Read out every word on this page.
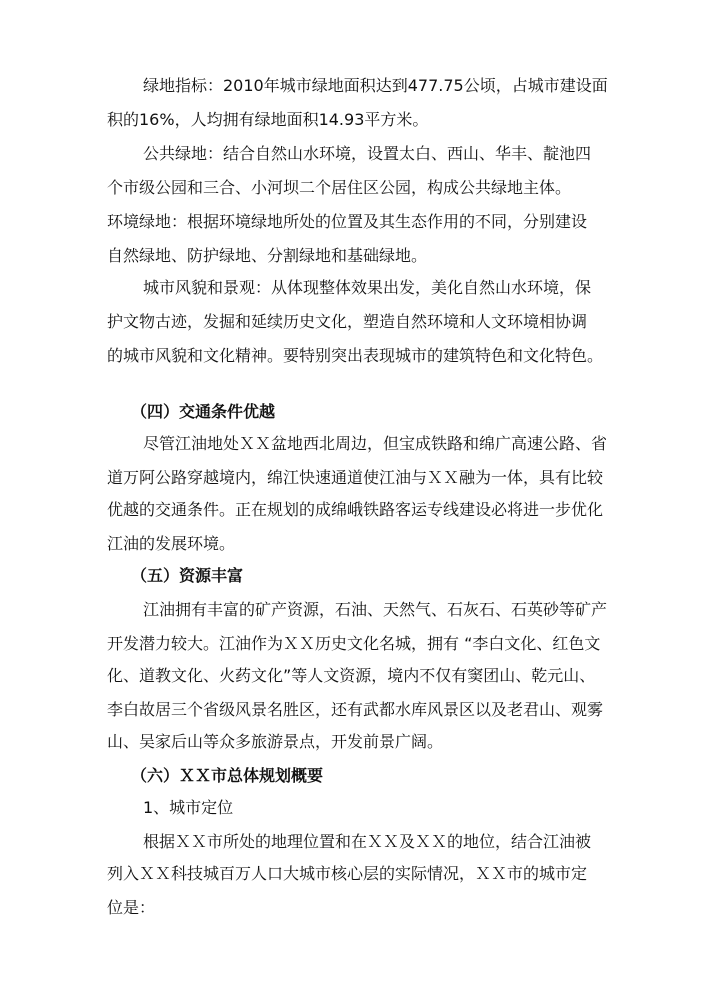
绿地指标：2010年城市绿地面积达到477.75公顷，占城市建设面
积的16%，人均拥有绿地面积14.93平方米。
公共绿地：结合自然山水环境，设置太白、西山、华丰、靛池四
个市级公园和三合、小河坝二个居住区公园，构成公共绿地主体。
环境绿地：根据环境绿地所处的位置及其生态作用的不同，分别建设
自然绿地、防护绿地、分割绿地和基础绿地。
城市风貌和景观：从体现整体效果出发，美化自然山水环境，保
护文物古迹，发掘和延续历史文化，塑造自然环境和人文环境相协调
的城市风貌和文化精神。要特别突出表现城市的建筑特色和文化特色。
（四）交通条件优越
尽管江油地处ＸＸ盆地西北周边，但宝成铁路和绵广高速公路、省
道万阿公路穿越境内，绵江快速通道使江油与ＸＸ融为一体，具有比较
优越的交通条件。正在规划的成绵峨铁路客运专线建设必将进一步优化
江油的发展环境。
（五）资源丰富
江油拥有丰富的矿产资源，石油、天然气、石灰石、石英砂等矿产
开发潜力较大。江油作为ＸＸ历史文化名城，拥有 “李白文化、红色文
化、道教文化、火药文化”等人文资源，境内不仅有窦团山、乾元山、
李白故居三个省级风景名胜区，还有武都水库风景区以及老君山、观雾
山、吴家后山等众多旅游景点，开发前景广阔。
（六）ＸＸ市总体规划概要
1、城市定位
根据ＸＸ市所处的地理位置和在ＸＸ及ＸＸ的地位，结合江油被
列入ＸＸ科技城百万人口大城市核心层的实际情况，ＸＸ市的城市定
位是：
